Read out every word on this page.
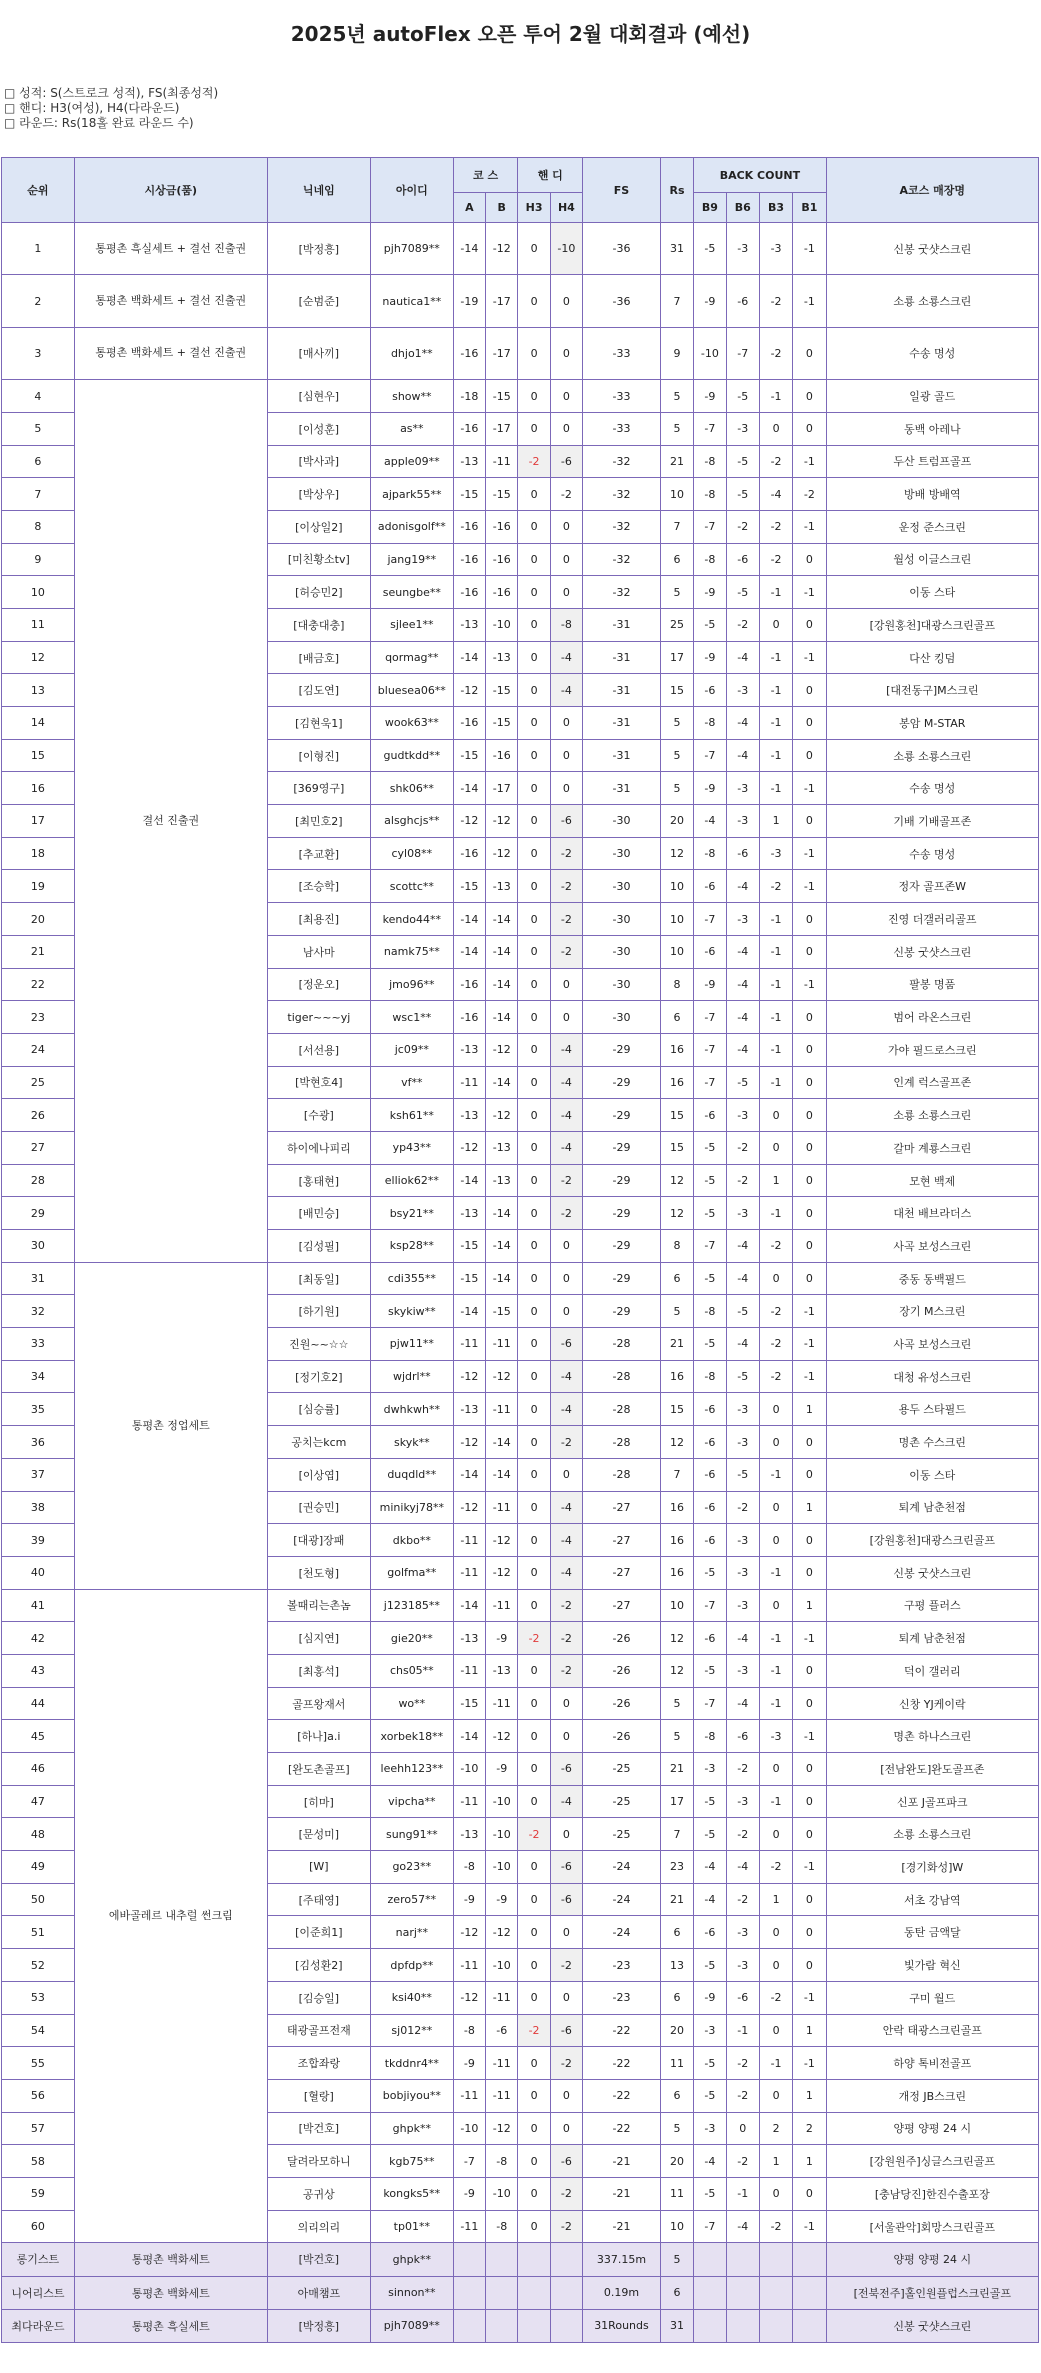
2025년 autoFlex 오픈 투어 2월 대회결과 (예선)
□ 성적: S(스트로크 성적), FS(최종성적)
□ 핸디: H3(여성), H4(다라운드)
□ 라운드: Rs(18홀 완료 라운드 수)
순위	시상금(품)	닉네임	아이디	코 스		핸 디		FS	Rs	BACK COUNT				A코스 매장명
				A	B	H3	H4			B9	B6	B3	B1	
1	통평촌 흑실세트 + 결선 진출권	[박정흥]	pjh7089**	-14	-12	0	-10	-36	31	-5	-3	-3	-1	신봉 굿샷스크린
2	통평촌 백화세트 + 결선 진출권	[순범준]	nautica1**	-19	-17	0	0	-36	7	-9	-6	-2	-1	소룡 소룡스크린
3	통평촌 백화세트 + 결선 진출권	[매사끼]	dhjo1**	-16	-17	0	0	-33	9	-10	-7	-2	0	수송 명성
4	결선 진출권	[심현우]	show**	-18	-15	0	0	-33	5	-9	-5	-1	0	일광 골드
5		[이성훈]	as**	-16	-17	0	0	-33	5	-7	-3	0	0	동백 아레나
6		[박사과]	apple09**	-13	-11	-2	-6	-32	21	-8	-5	-2	-1	두산 트럼프골프
7		[박상우]	ajpark55**	-15	-15	0	-2	-32	10	-8	-5	-4	-2	방배 방배역
8		[이상일2]	adonisgolf**	-16	-16	0	0	-32	7	-7	-2	-2	-1	운정 준스크린
9		[미친황소tv]	jang19**	-16	-16	0	0	-32	6	-8	-6	-2	0	월성 이글스크린
10		[허승민2]	seungbe**	-16	-16	0	0	-32	5	-9	-5	-1	-1	이동 스타
11		[대충대충]	sjlee1**	-13	-10	0	-8	-31	25	-5	-2	0	0	[강원홍천]대광스크린골프
12		[배금호]	qormag**	-14	-13	0	-4	-31	17	-9	-4	-1	-1	다산 킹덤
13		[김도연]	bluesea06**	-12	-15	0	-4	-31	15	-6	-3	-1	0	[대전동구]M스크린
14		[김현욱1]	wook63**	-16	-15	0	0	-31	5	-8	-4	-1	0	봉암 M-STAR
15		[이형진]	gudtkdd**	-15	-16	0	0	-31	5	-7	-4	-1	0	소룡 소룡스크린
16		[369영구]	shk06**	-14	-17	0	0	-31	5	-9	-3	-1	-1	수송 명성
17		[최민호2]	alsghcjs**	-12	-12	0	-6	-30	20	-4	-3	1	0	기배 기배골프존
18		[추교환]	cyl08**	-16	-12	0	-2	-30	12	-8	-6	-3	-1	수송 명성
19		[조승학]	scottc**	-15	-13	0	-2	-30	10	-6	-4	-2	-1	정자 골프존W
20		[최용진]	kendo44**	-14	-14	0	-2	-30	10	-7	-3	-1	0	진영 더갤러리골프
21		남사마	namk75**	-14	-14	0	-2	-30	10	-6	-4	-1	0	신봉 굿샷스크린
22		[정운오]	jmo96**	-16	-14	0	0	-30	8	-9	-4	-1	-1	팔봉 명품
23		tiger~~~yj	wsc1**	-16	-14	0	0	-30	6	-7	-4	-1	0	범어 라온스크린
24		[서선용]	jc09**	-13	-12	0	-4	-29	16	-7	-4	-1	0	가야 필드로스크린
25		[박현호4]	vf**	-11	-14	0	-4	-29	16	-7	-5	-1	0	인계 럭스골프존
26		[수광]	ksh61**	-13	-12	0	-4	-29	15	-6	-3	0	0	소룡 소룡스크린
27		하이에나피리	yp43**	-12	-13	0	-4	-29	15	-5	-2	0	0	갈마 계룡스크린
28		[홍태현]	elliok62**	-14	-13	0	-2	-29	12	-5	-2	1	0	모현 백제
29		[배민승]	bsy21**	-13	-14	0	-2	-29	12	-5	-3	-1	0	대천 배브라더스
30		[김성필]	ksp28**	-15	-14	0	0	-29	8	-7	-4	-2	0	사곡 보성스크린
31	통평촌 정업세트	[최동일]	cdi355**	-15	-14	0	0	-29	6	-5	-4	0	0	중동 동백필드
32		[하기원]	skykiw**	-14	-15	0	0	-29	5	-8	-5	-2	-1	장기 M스크린
33		진원~~☆☆	pjw11**	-11	-11	0	-6	-28	21	-5	-4	-2	-1	사곡 보성스크린
34		[정기호2]	wjdrl**	-12	-12	0	-4	-28	16	-8	-5	-2	-1	대청 유성스크린
35		[심승률]	dwhkwh**	-13	-11	0	-4	-28	15	-6	-3	0	1	용두 스타필드
36		공치는kcm	skyk**	-12	-14	0	-2	-28	12	-6	-3	0	0	명촌 수스크린
37		[이상엽]	duqdld**	-14	-14	0	0	-28	7	-6	-5	-1	0	이동 스타
38		[권승민]	minikyj78**	-12	-11	0	-4	-27	16	-6	-2	0	1	퇴계 남춘천점
39		[대광]장패	dkbo**	-11	-12	0	-4	-27	16	-6	-3	0	0	[강원홍천]대광스크린골프
40		[천도형]	golfma**	-11	-12	0	-4	-27	16	-5	-3	-1	0	신봉 굿샷스크린
41	에바골레르 내추럴 썬크림	볼때리는촌놈	j123185**	-14	-11	0	-2	-27	10	-7	-3	0	1	구평 플러스
42		[심지연]	gie20**	-13	-9	-2	-2	-26	12	-6	-4	-1	-1	퇴계 남춘천점
43		[최홍석]	chs05**	-11	-13	0	-2	-26	12	-5	-3	-1	0	덕이 갤러리
44		골프왕재서	wo**	-15	-11	0	0	-26	5	-7	-4	-1	0	신창 YJ케이락
45		[하나]a.i	xorbek18**	-14	-12	0	0	-26	5	-8	-6	-3	-1	명촌 하나스크린
46		[완도촌골프]	leehh123**	-10	-9	0	-6	-25	21	-3	-2	0	0	[전남완도]완도골프존
47		[히마]	vipcha**	-11	-10	0	-4	-25	17	-5	-3	-1	0	신포 J골프파크
48		[문성미]	sung91**	-13	-10	-2	0	-25	7	-5	-2	0	0	소룡 소룡스크린
49		[W]	go23**	-8	-10	0	-6	-24	23	-4	-4	-2	-1	[경기화성]W
50		[주태영]	zero57**	-9	-9	0	-6	-24	21	-4	-2	1	0	서초 강남역
51		[이준희1]	narj**	-12	-12	0	0	-24	6	-6	-3	0	0	동탄 금액달
52		[김성환2]	dpfdp**	-11	-10	0	-2	-23	13	-5	-3	0	0	빛가람 혁신
53		[김승일]	ksi40**	-12	-11	0	0	-23	6	-9	-6	-2	-1	구미 월드
54		태광골프전재	sj012**	-8	-6	-2	-6	-22	20	-3	-1	0	1	안락 태광스크린골프
55		조합좌랑	tkddnr4**	-9	-11	0	-2	-22	11	-5	-2	-1	-1	하양 톡비전골프
56		[혈랑]	bobjiyou**	-11	-11	0	0	-22	6	-5	-2	0	1	개정 JB스크린
57		[박건호]	ghpk**	-10	-12	0	0	-22	5	-3	0	2	2	양평 양평 24 시
58		달려라모하니	kgb75**	-7	-8	0	-6	-21	20	-4	-2	1	1	[강원원주]싱글스크린골프
59		공귀상	kongks5**	-9	-10	0	-2	-21	11	-5	-1	0	0	[충남당진]한진수출포장
60		의리의리	tp01**	-11	-8	0	-2	-21	10	-7	-4	-2	-1	[서울관악]회망스크린골프
롱기스트	통평촌 백화세트	[박건호]	ghpk**					337.15m	5					양평 양평 24 시
니어리스트	통평촌 백화세트	아매챔프	sinnon**					0.19m	6					[전북전주]홀인원플럽스크린골프
최다라운드	통평촌 흑실세트	[박정흥]	pjh7089**					31Rounds	31					신봉 굿샷스크린
